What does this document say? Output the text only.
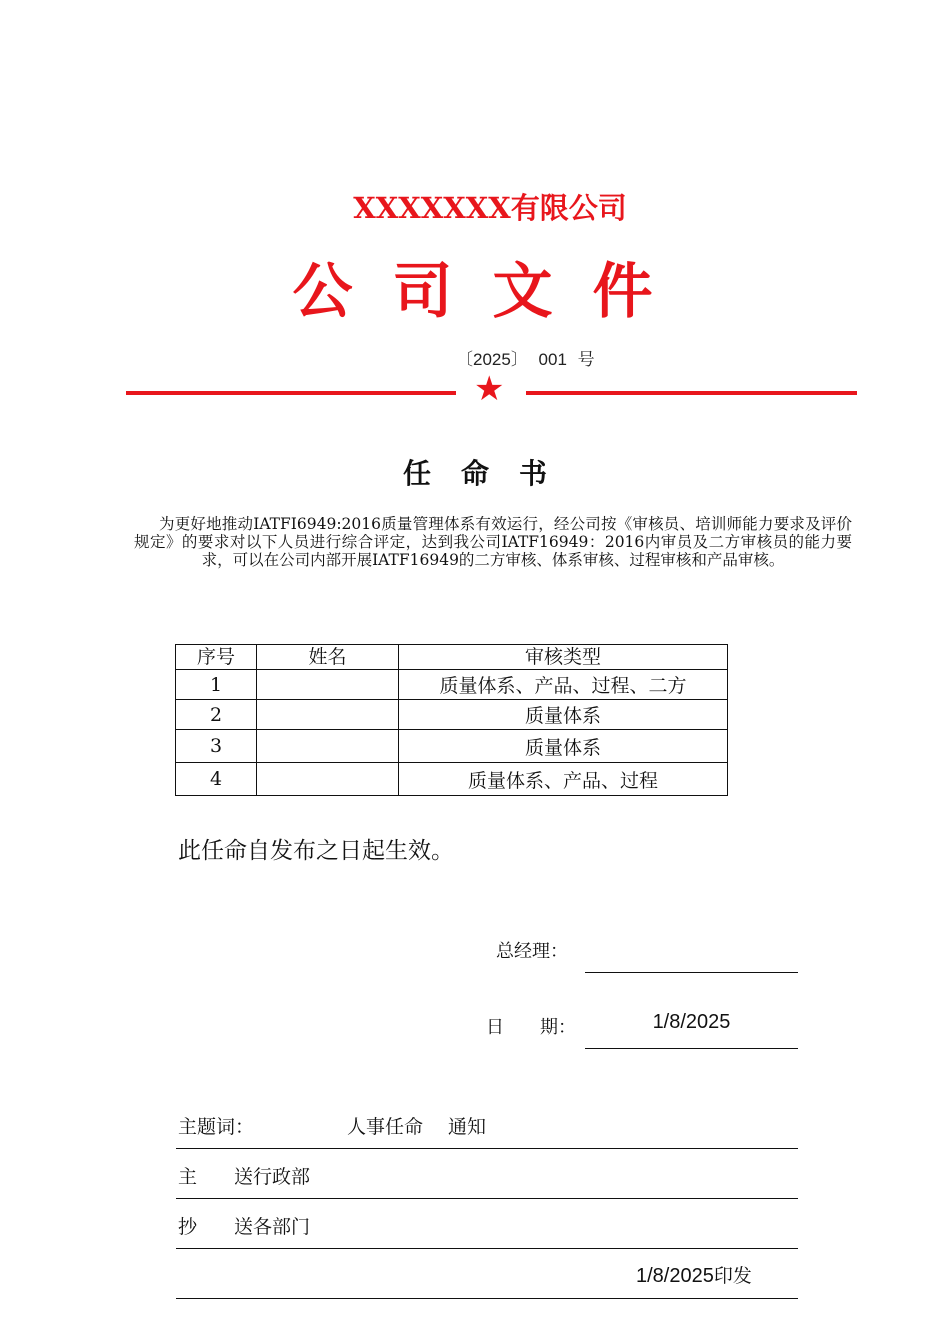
XXXXXXX有限公司
公司文件
〔2025〕 001 号
★
任命书
为更好地推动IATFI6949:2016质量管理体系有效运行，经公司按《审核员、培训师能力要求及评价规定》的要求对以下人员进行综合评定，达到我公司IATF16949：2016内审员及二方审核员的能力要求，可以在公司内部开展IATF16949的二方审核、体系审核、过程审核和产品审核。
序号	姓名	审核类型
1		质量体系、产品、过程、二方
2		质量体系
3		质量体系
4		质量体系、产品、过程
此任命自发布之日起生效。
总经理：
日　　期：	1/8/2025
主题词：	人事任命　 通知
主 送行政部
抄 送各部门
1/8/2025印发
